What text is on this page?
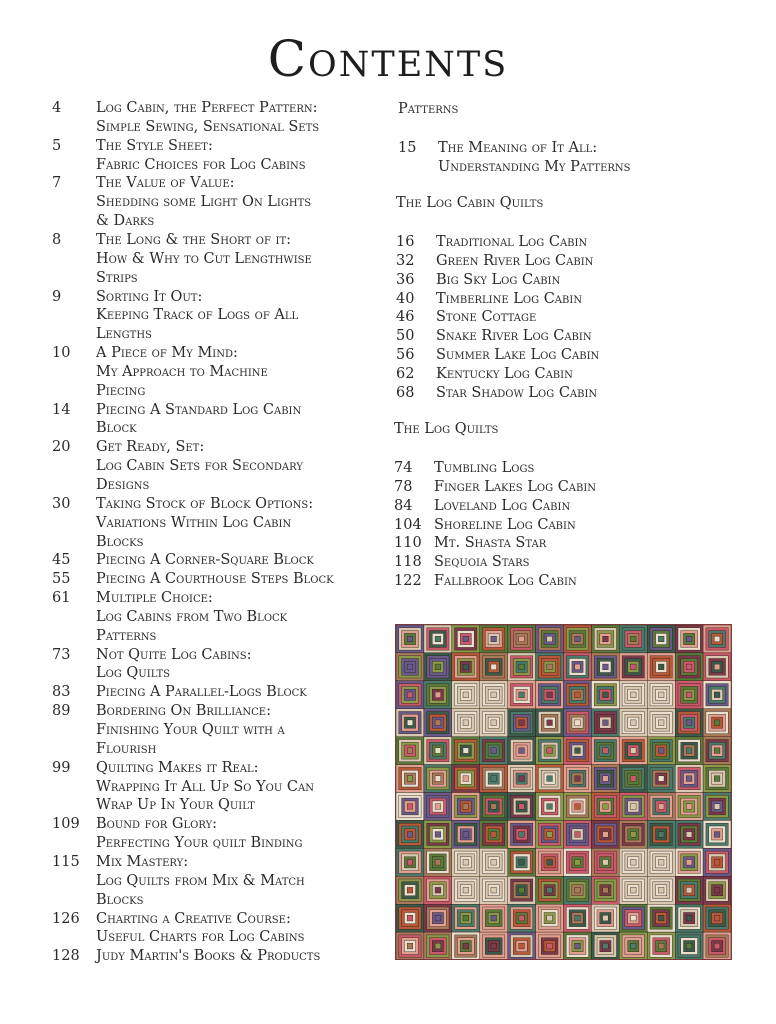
Contents
4 Log Cabin, the Perfect Pattern:
Simple Sewing, Sensational Sets
5 The Style Sheet:
Fabric Choices for Log Cabins
7 The Value of Value:
Shedding some Light On Lights
& Darks
8 The Long & the Short of it:
How & Why to Cut Lengthwise
Strips
9 Sorting It Out:
Keeping Track of Logs of All
Lengths
10 A Piece of My Mind:
My Approach to Machine
Piecing
14 Piecing A Standard Log Cabin
Block
20 Get Ready, Set:
Log Cabin Sets for Secondary
Designs
30 Taking Stock of Block Options:
Variations Within Log Cabin
Blocks
45 Piecing A Corner-Square Block
55 Piecing A Courthouse Steps Block
61 Multiple Choice:
Log Cabins from Two Block
Patterns
73 Not Quite Log Cabins:
Log Quilts
83 Piecing A Parallel-Logs Block
89 Bordering On Brilliance:
Finishing Your Quilt with a
Flourish
99 Quilting Makes it Real:
Wrapping It All Up So You Can
Wrap Up In Your Quilt
109 Bound for Glory:
Perfecting Your quilt Binding
115 Mix Mastery:
Log Quilts from Mix & Match
Blocks
126 Charting a Creative Course:
Useful Charts for Log Cabins
128 Judy Martin's Books & Products
Patterns
15 The Meaning of It All:
Understanding My Patterns
The Log Cabin Quilts
16 Traditional Log Cabin
32 Green River Log Cabin
36 Big Sky Log Cabin
40 Timberline Log Cabin
46 Stone Cottage
50 Snake River Log Cabin
56 Summer Lake Log Cabin
62 Kentucky Log Cabin
68 Star Shadow Log Cabin
The Log Quilts
74 Tumbling Logs
78 Finger Lakes Log Cabin
84 Loveland Log Cabin
104 Shoreline Log Cabin
110 Mt. Shasta Star
118 Sequoia Stars
122 Fallbrook Log Cabin
